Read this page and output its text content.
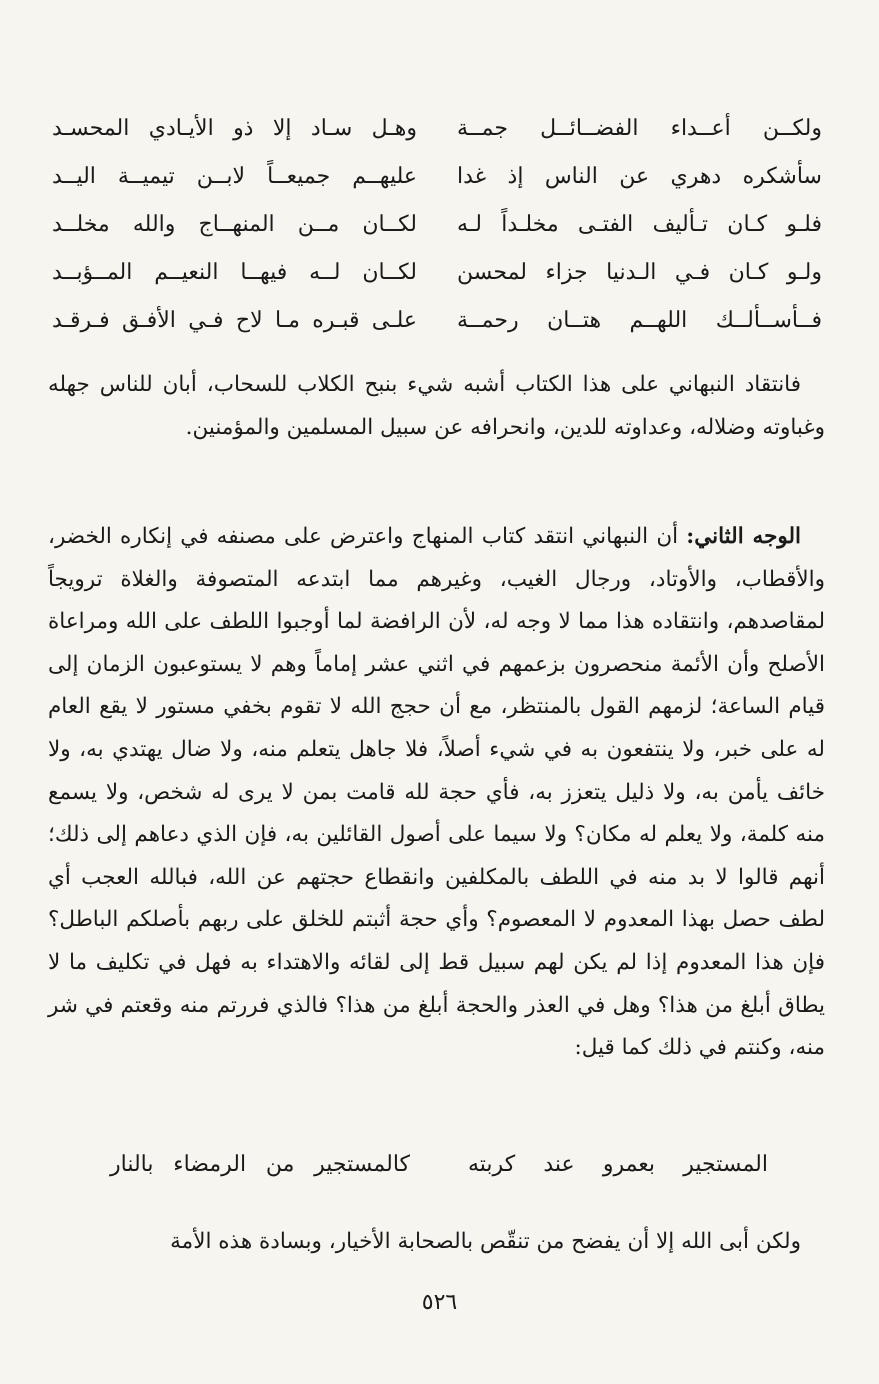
ولكــن أعــداء الفضــائــل جمــة
وهـل سـاد إلا ذو الأيـادي المحسـد
سأشكره دهري عن الناس إذ غدا
عليهــم جميعــاً لابــن تيميــة اليــد
فلـو كـان تـأليف الفتـى مخلـداً لـه
لكــان مــن المنهــاج والله مخلــد
ولـو كـان فـي الـدنيا جزاء لمحسن
لكــان لــه فيهــا النعيــم المــؤبــد
فــأســألــك اللهــم هتــان رحمــة
علـى قبـره مـا لاح فـي الأفـق فـرقـد

فانتقاد النبهاني على هذا الكتاب أشبه شيء بنبح الكلاب للسحاب، أبان للناس جهله وغباوته وضلاله، وعداوته للدين، وانحرافه عن سبيل المسلمين والمؤمنين.

الوجه الثاني: أن النبهاني انتقد كتاب المنهاج واعترض على مصنفه في إنكاره الخضر، والأقطاب، والأوتاد، ورجال الغيب، وغيرهم مما ابتدعه المتصوفة والغلاة ترويجاً لمقاصدهم، وانتقاده هذا مما لا وجه له، لأن الرافضة لما أوجبوا اللطف على الله ومراعاة الأصلح وأن الأئمة منحصرون بزعمهم في اثني عشر إماماً وهم لا يستوعبون الزمان إلى قيام الساعة؛ لزمهم القول بالمنتظر، مع أن حجج الله لا تقوم بخفي مستور لا يقع العام له على خبر، ولا ينتفعون به في شيء أصلاً، فلا جاهل يتعلم منه، ولا ضال يهتدي به، ولا خائف يأمن به، ولا ذليل يتعزز به، فأي حجة لله قامت بمن لا يرى له شخص، ولا يسمع منه كلمة، ولا يعلم له مكان؟ ولا سيما على أصول القائلين به، فإن الذي دعاهم إلى ذلك؛ أنهم قالوا لا بد منه في اللطف بالمكلفين وانقطاع حجتهم عن الله، فبالله العجب أي لطف حصل بهذا المعدوم لا المعصوم؟ وأي حجة أثبتم للخلق على ربهم بأصلكم الباطل؟ فإن هذا المعدوم إذا لم يكن لهم سبيل قط إلى لقائه والاهتداء به فهل في تكليف ما لا يطاق أبلغ من هذا؟ وهل في العذر والحجة أبلغ من هذا؟ فالذي فررتم منه وقعتم في شر منه، وكنتم في ذلك كما قيل:

المستجير بعمرو عند كربته
كالمستجير من الرمضاء بالنار

ولكن أبى الله إلا أن يفضح من تنقّص بالصحابة الأخيار، وبسادة هذه الأمة

٥٢٦
